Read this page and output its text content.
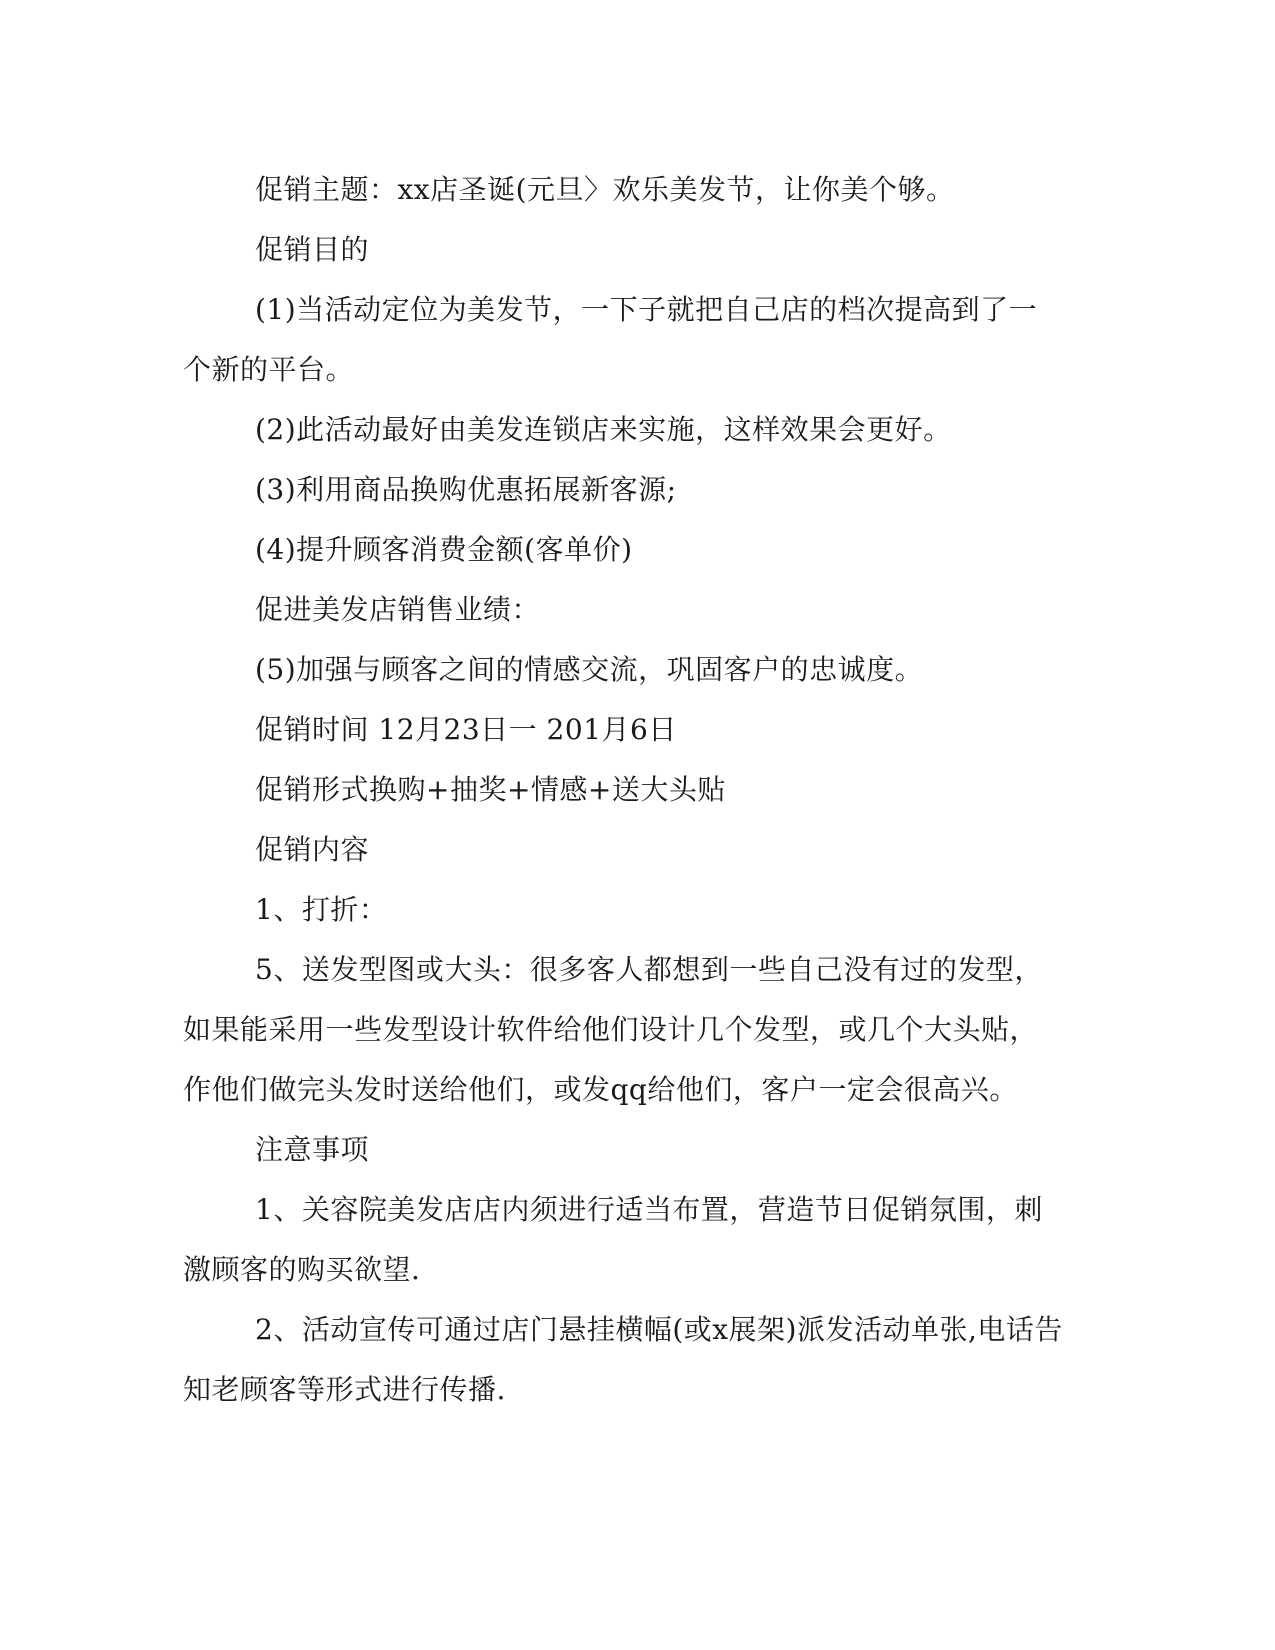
促销主题：xx店圣诞(元旦〉欢乐美发节，让你美个够。

促销目的

(1)当活动定位为美发节，一下子就把自己店的档次提高到了一个新的平台。

(2)此活动最好由美发连锁店来实施，这样效果会更好。

(3)利用商品换购优惠拓展新客源;

(4)提升顾客消费金额(客单价)

促进美发店销售业绩：

(5)加强与顾客之间的情感交流，巩固客户的忠诚度。

促销时间 12月23日一 201月6日

促销形式换购+抽奖+情感+送大头贴

促销内容

1、打折：

5、送发型图或大头：很多客人都想到一些自己没有过的发型，如果能采用一些发型设计软件给他们设计几个发型，或几个大头贴，作他们做完头发时送给他们，或发qq给他们，客户一定会很高兴。

注意事项

1、关容院美发店店内须进行适当布置，营造节日促销氛围，刺激顾客的购买欲望.

2、活动宣传可通过店门悬挂横幅(或x展架)派发活动单张,电话告知老顾客等形式进行传播.
